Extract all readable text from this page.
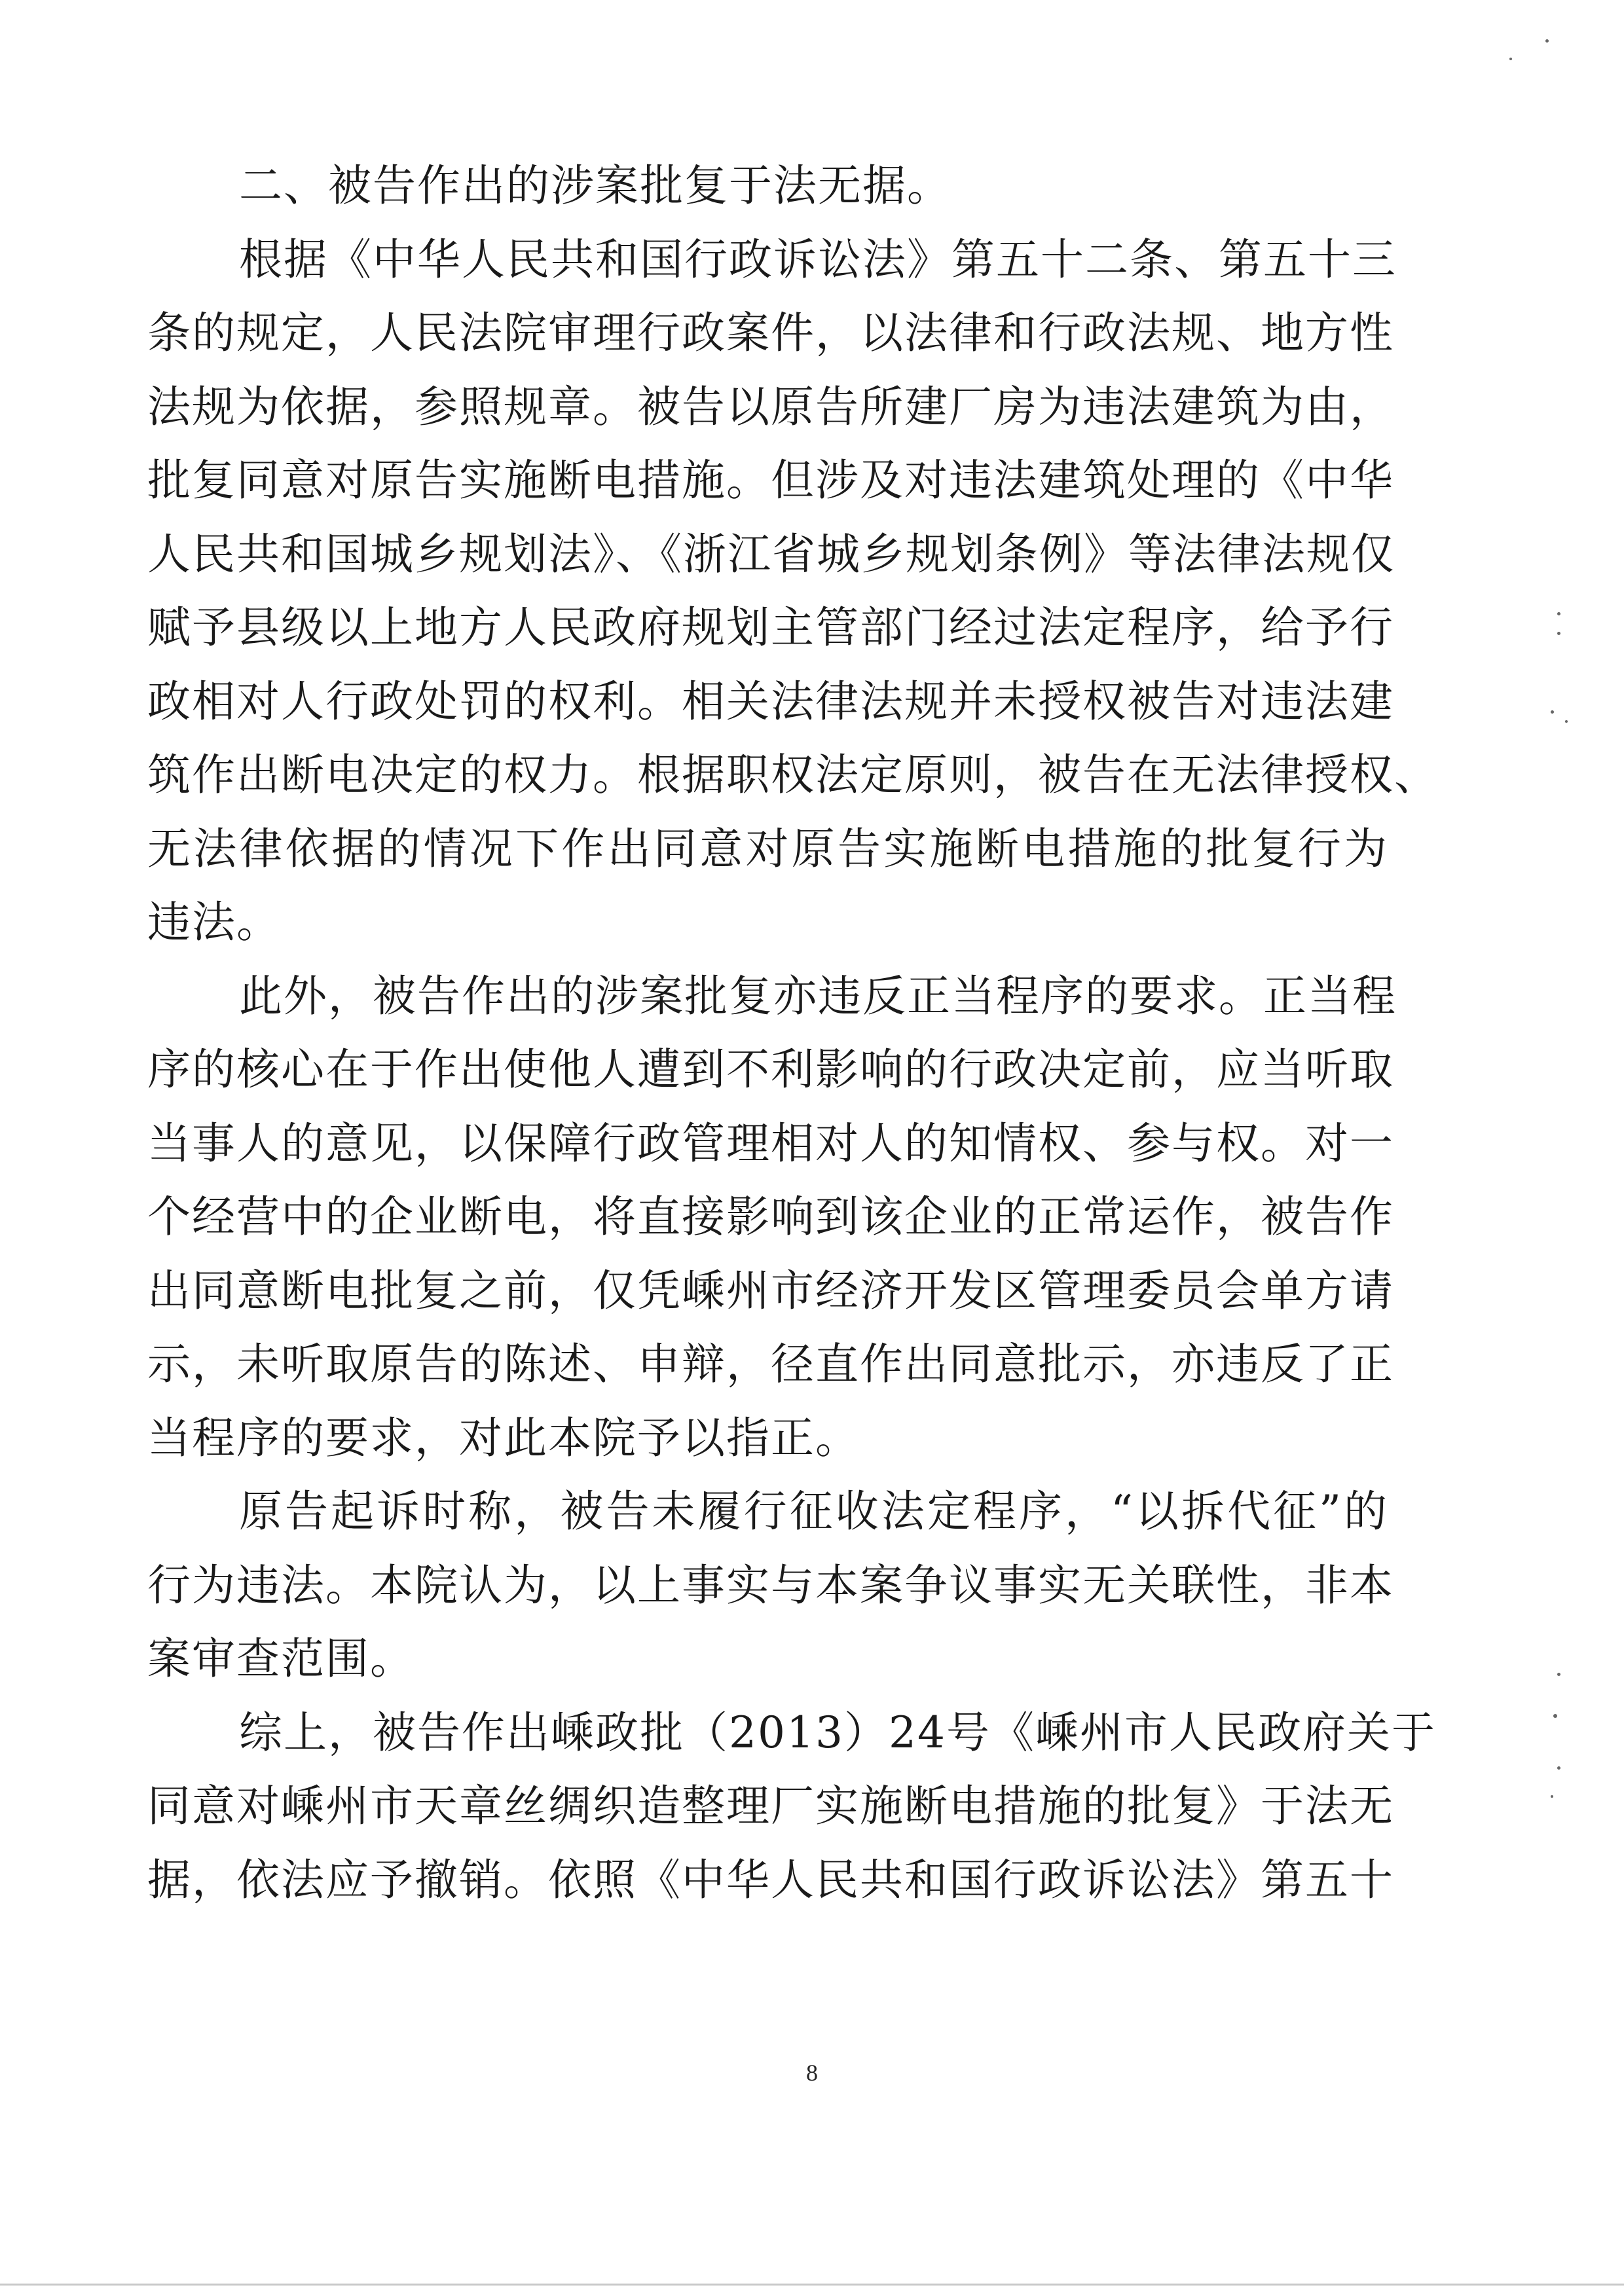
二、被告作出的涉案批复于法无据。
根据《中华人民共和国行政诉讼法》第五十二条、第五十三
条的规定，人民法院审理行政案件，以法律和行政法规、地方性
法规为依据，参照规章。被告以原告所建厂房为违法建筑为由，
批复同意对原告实施断电措施。但涉及对违法建筑处理的《中华
人民共和国城乡规划法》、《浙江省城乡规划条例》等法律法规仅
赋予县级以上地方人民政府规划主管部门经过法定程序，给予行
政相对人行政处罚的权利。相关法律法规并未授权被告对违法建
筑作出断电决定的权力。根据职权法定原则，被告在无法律授权、
无法律依据的情况下作出同意对原告实施断电措施的批复行为
违法。
此外，被告作出的涉案批复亦违反正当程序的要求。正当程
序的核心在于作出使他人遭到不利影响的行政决定前，应当听取
当事人的意见，以保障行政管理相对人的知情权、参与权。对一
个经营中的企业断电，将直接影响到该企业的正常运作，被告作
出同意断电批复之前，仅凭嵊州市经济开发区管理委员会单方请
示，未听取原告的陈述、申辩，径直作出同意批示，亦违反了正
当程序的要求，对此本院予以指正。
原告起诉时称，被告未履行征收法定程序，“以拆代征”的
行为违法。本院认为，以上事实与本案争议事实无关联性，非本
案审查范围。
综上，被告作出嵊政批（2013）24号《嵊州市人民政府关于
同意对嵊州市天章丝绸织造整理厂实施断电措施的批复》于法无
据，依法应予撤销。依照《中华人民共和国行政诉讼法》第五十
8
